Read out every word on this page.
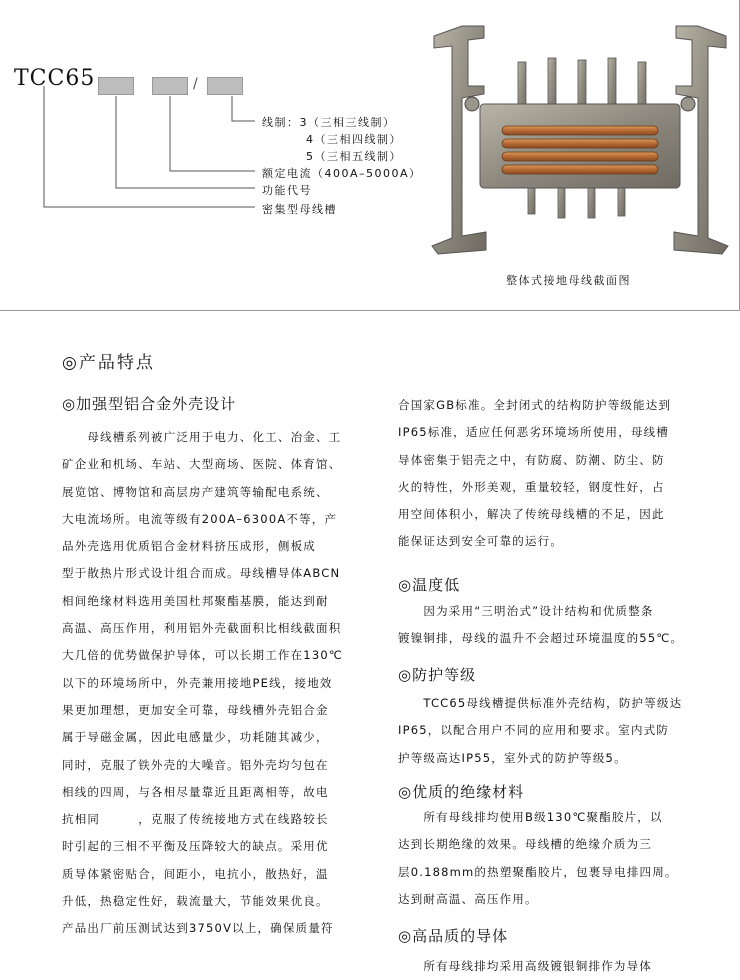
TCC65	/
线制：3（三相三线制）
4（三相四线制）
5（三相五线制）
额定电流（400A–5000A）
功能代号
密集型母线槽
整体式接地母线截面图
◎产品特点
◎加强型铝合金外壳设计
　　母线槽系列被广泛用于电力、化工、冶金、工
矿企业和机场、车站、大型商场、医院、体育馆、
展览馆、博物馆和高层房产建筑等输配电系统、
大电流场所。电流等级有200A–6300A不等，产
品外壳选用优质铝合金材料挤压成形，侧板成
型于散热片形式设计组合而成。母线槽导体ABCN
相间绝缘材料选用美国杜邦聚酯基膜，能达到耐
高温、高压作用，利用铝外壳截面积比相线截面积
大几倍的优势做保护导体，可以长期工作在130℃
以下的环境场所中，外壳兼用接地PE线，接地效
果更加理想，更加安全可靠，母线槽外壳铝合金
属于导磁金属，因此电感量少，功耗随其减少，
同时，克服了铁外壳的大噪音。铝外壳均匀包在
相线的四周，与各相尽量靠近且距离相等，故电
抗相同　　　，克服了传统接地方式在线路较长
时引起的三相不平衡及压降较大的缺点。采用优
质导体紧密贴合，间距小，电抗小，散热好，温
升低，热稳定性好，载流量大，节能效果优良。
产品出厂前压测试达到3750V以上，确保质量符
合国家GB标准。全封闭式的结构防护等级能达到
IP65标准，适应任何恶劣环境场所使用，母线槽
导体密集于铝壳之中，有防腐、防潮、防尘、防
火的特性，外形美观，重量较轻，钢度性好，占
用空间体积小，解决了传统母线槽的不足，因此
能保证达到安全可靠的运行。
◎温度低
　　因为采用“三明治式”设计结构和优质整条
镀镍铜排，母线的温升不会超过环境温度的55℃。
◎防护等级
　　TCC65母线槽提供标准外壳结构，防护等级达
IP65，以配合用户不同的应用和要求。室内式防
护等级高达IP55，室外式的防护等级5。
◎优质的绝缘材料
　　所有母线排均使用B级130℃聚酯胶片，以
达到长期绝缘的效果。母线槽的绝缘介质为三
层0.188mm的热塑聚酯胶片，包裹导电排四周。
达到耐高温、高压作用。
◎高品质的导体
　　所有母线排均采用高级镀银铜排作为导体
